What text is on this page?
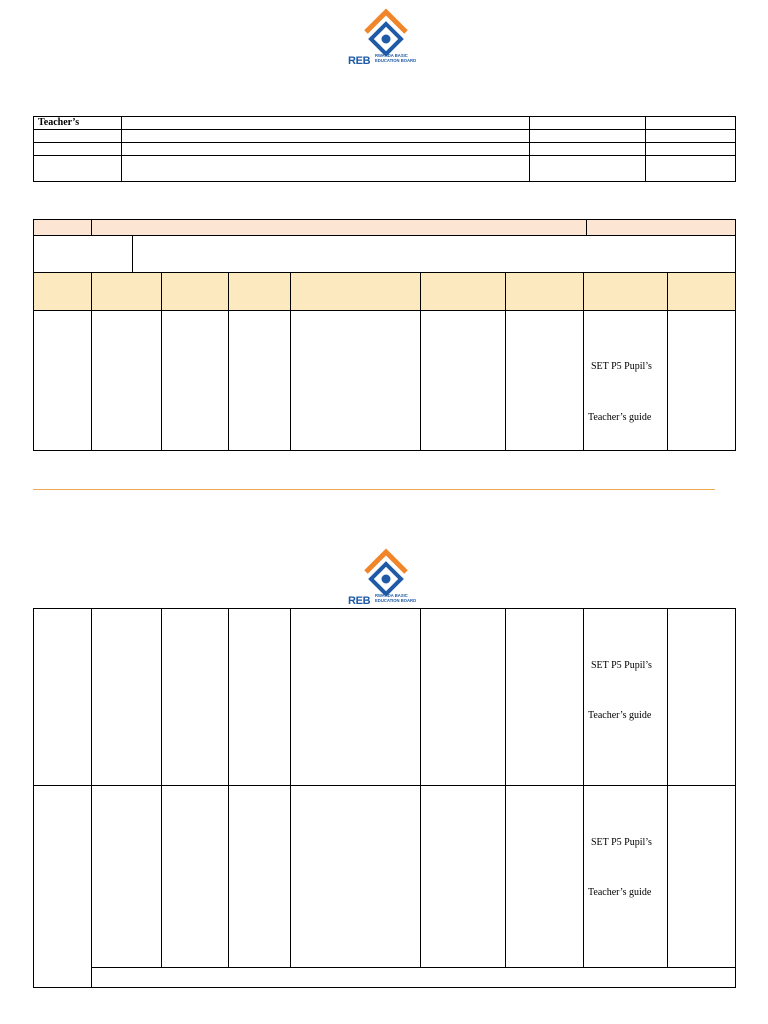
REB RWANDA BASIC
EDUCATION BOARD
Teacher’s
SET P5 Pupil’s
Teacher’s guide
REB RWANDA BASIC
EDUCATION BOARD
SET P5 Pupil’s
Teacher’s guide
SET P5 Pupil’s
Teacher’s guide
